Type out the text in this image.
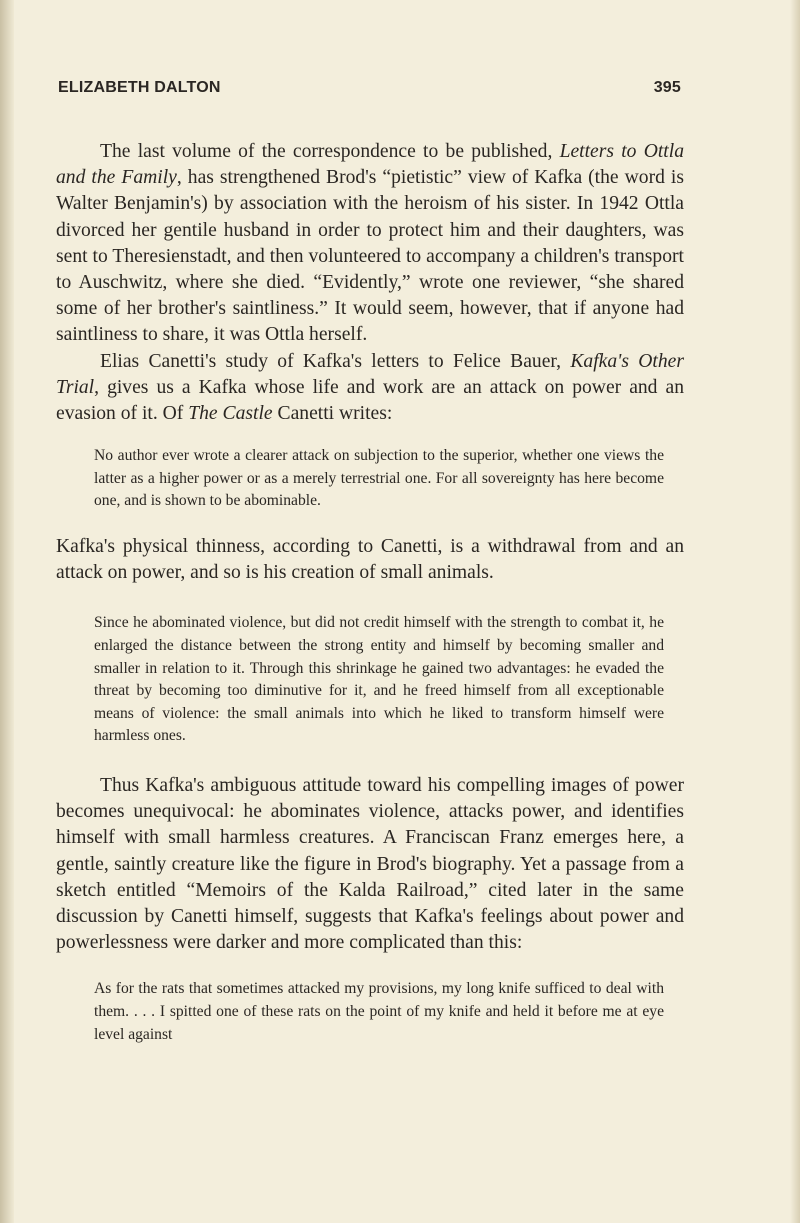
ELIZABETH DALTON	395

The last volume of the correspondence to be published, Letters to Ottla and the Family, has strengthened Brod's “pietistic” view of Kafka (the word is Walter Benjamin's) by association with the heroism of his sister. In 1942 Ottla divorced her gentile husband in order to protect him and their daughters, was sent to Theresienstadt, and then volunteered to accompany a children's transport to Auschwitz, where she died. “Evidently,” wrote one reviewer, “she shared some of her brother's saintliness.” It would seem, however, that if anyone had saintliness to share, it was Ottla herself.

Elias Canetti's study of Kafka's letters to Felice Bauer, Kafka's Other Trial, gives us a Kafka whose life and work are an attack on power and an evasion of it. Of The Castle Canetti writes:

No author ever wrote a clearer attack on subjection to the superior, whether one views the latter as a higher power or as a merely terrestrial one. For all sovereignty has here become one, and is shown to be abominable.

Kafka's physical thinness, according to Canetti, is a withdrawal from and an attack on power, and so is his creation of small animals.

Since he abominated violence, but did not credit himself with the strength to combat it, he enlarged the distance between the strong entity and himself by becoming smaller and smaller in relation to it. Through this shrinkage he gained two advantages: he evaded the threat by becoming too diminutive for it, and he freed himself from all exceptionable means of violence: the small animals into which he liked to transform himself were harmless ones.

Thus Kafka's ambiguous attitude toward his compelling images of power becomes unequivocal: he abominates violence, attacks power, and identifies himself with small harmless creatures. A Franciscan Franz emerges here, a gentle, saintly creature like the figure in Brod's biography. Yet a passage from a sketch entitled “Memoirs of the Kalda Railroad,” cited later in the same discussion by Canetti himself, suggests that Kafka's feelings about power and powerlessness were darker and more complicated than this:

As for the rats that sometimes attacked my provisions, my long knife sufficed to deal with them. . . . I spitted one of these rats on the point of my knife and held it before me at eye level against
